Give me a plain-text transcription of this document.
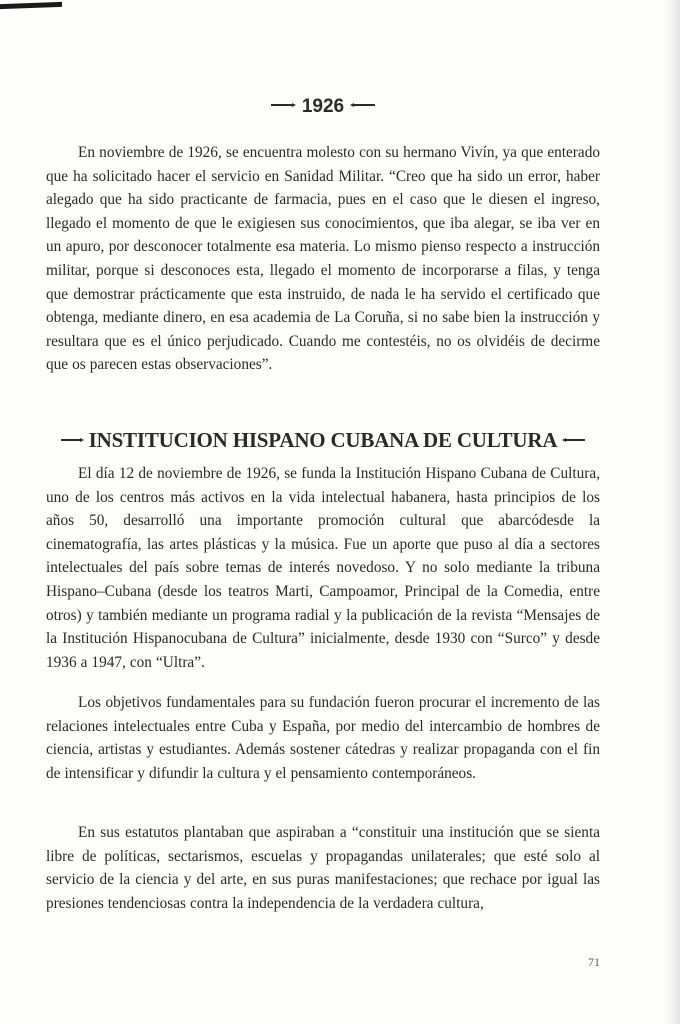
1926

En noviembre de 1926, se encuentra molesto con su hermano Vivín, ya que enterado que ha solicitado hacer el servicio en Sanidad Militar. “Creo que ha sido un error, haber alegado que ha sido practicante de farmacia, pues en el caso que le diesen el ingreso, llegado el momento de que le exigiesen sus conocimientos, que iba alegar, se iba ver en un apuro, por desconocer totalmente esa materia. Lo mismo pienso respecto a instrucción militar, porque si desconoces esta, llegado el momento de incorporarse a filas, y tenga que demostrar prácticamente que esta instruido, de nada le ha servido el certificado que obtenga, mediante dinero, en esa academia de La Coruña, si no sabe bien la instrucción y resultara que es el único perjudicado. Cuando me contestéis, no os olvidéis de decirme que os parecen estas observaciones”.

INSTITUCION HISPANO CUBANA DE CULTURA

El día 12 de noviembre de 1926, se funda la Institución Hispano Cubana de Cultura, uno de los centros más activos en la vida intelectual habanera, hasta principios de los años 50, desarrolló una importante promoción cultural que abarcódesde la cinematografía, las artes plásticas y la música. Fue un aporte que puso al día a sectores intelectuales del país sobre temas de interés novedoso. Y no solo mediante la tribuna Hispano–Cubana (desde los teatros Marti, Campoamor, Principal de la Comedia, entre otros) y también mediante un programa radial y la publicación de la revista “Mensajes de la Institución Hispanocubana de Cultura” inicialmente, desde 1930 con “Surco” y desde 1936 a 1947, con “Ultra”.

Los objetivos fundamentales para su fundación fueron procurar el incremento de las relaciones intelectuales entre Cuba y España, por medio del intercambio de hombres de ciencia, artistas y estudiantes. Además sostener cátedras y realizar propaganda con el fin de intensificar y difundir la cultura y el pensamiento contemporáneos.

En sus estatutos plantaban que aspiraban a “constituir una institución que se sienta libre de políticas, sectarismos, escuelas y propagandas unilaterales; que esté solo al servicio de la ciencia y del arte, en sus puras manifestaciones; que rechace por igual las presiones tendenciosas contra la independencia de la verdadera cultura,

71
